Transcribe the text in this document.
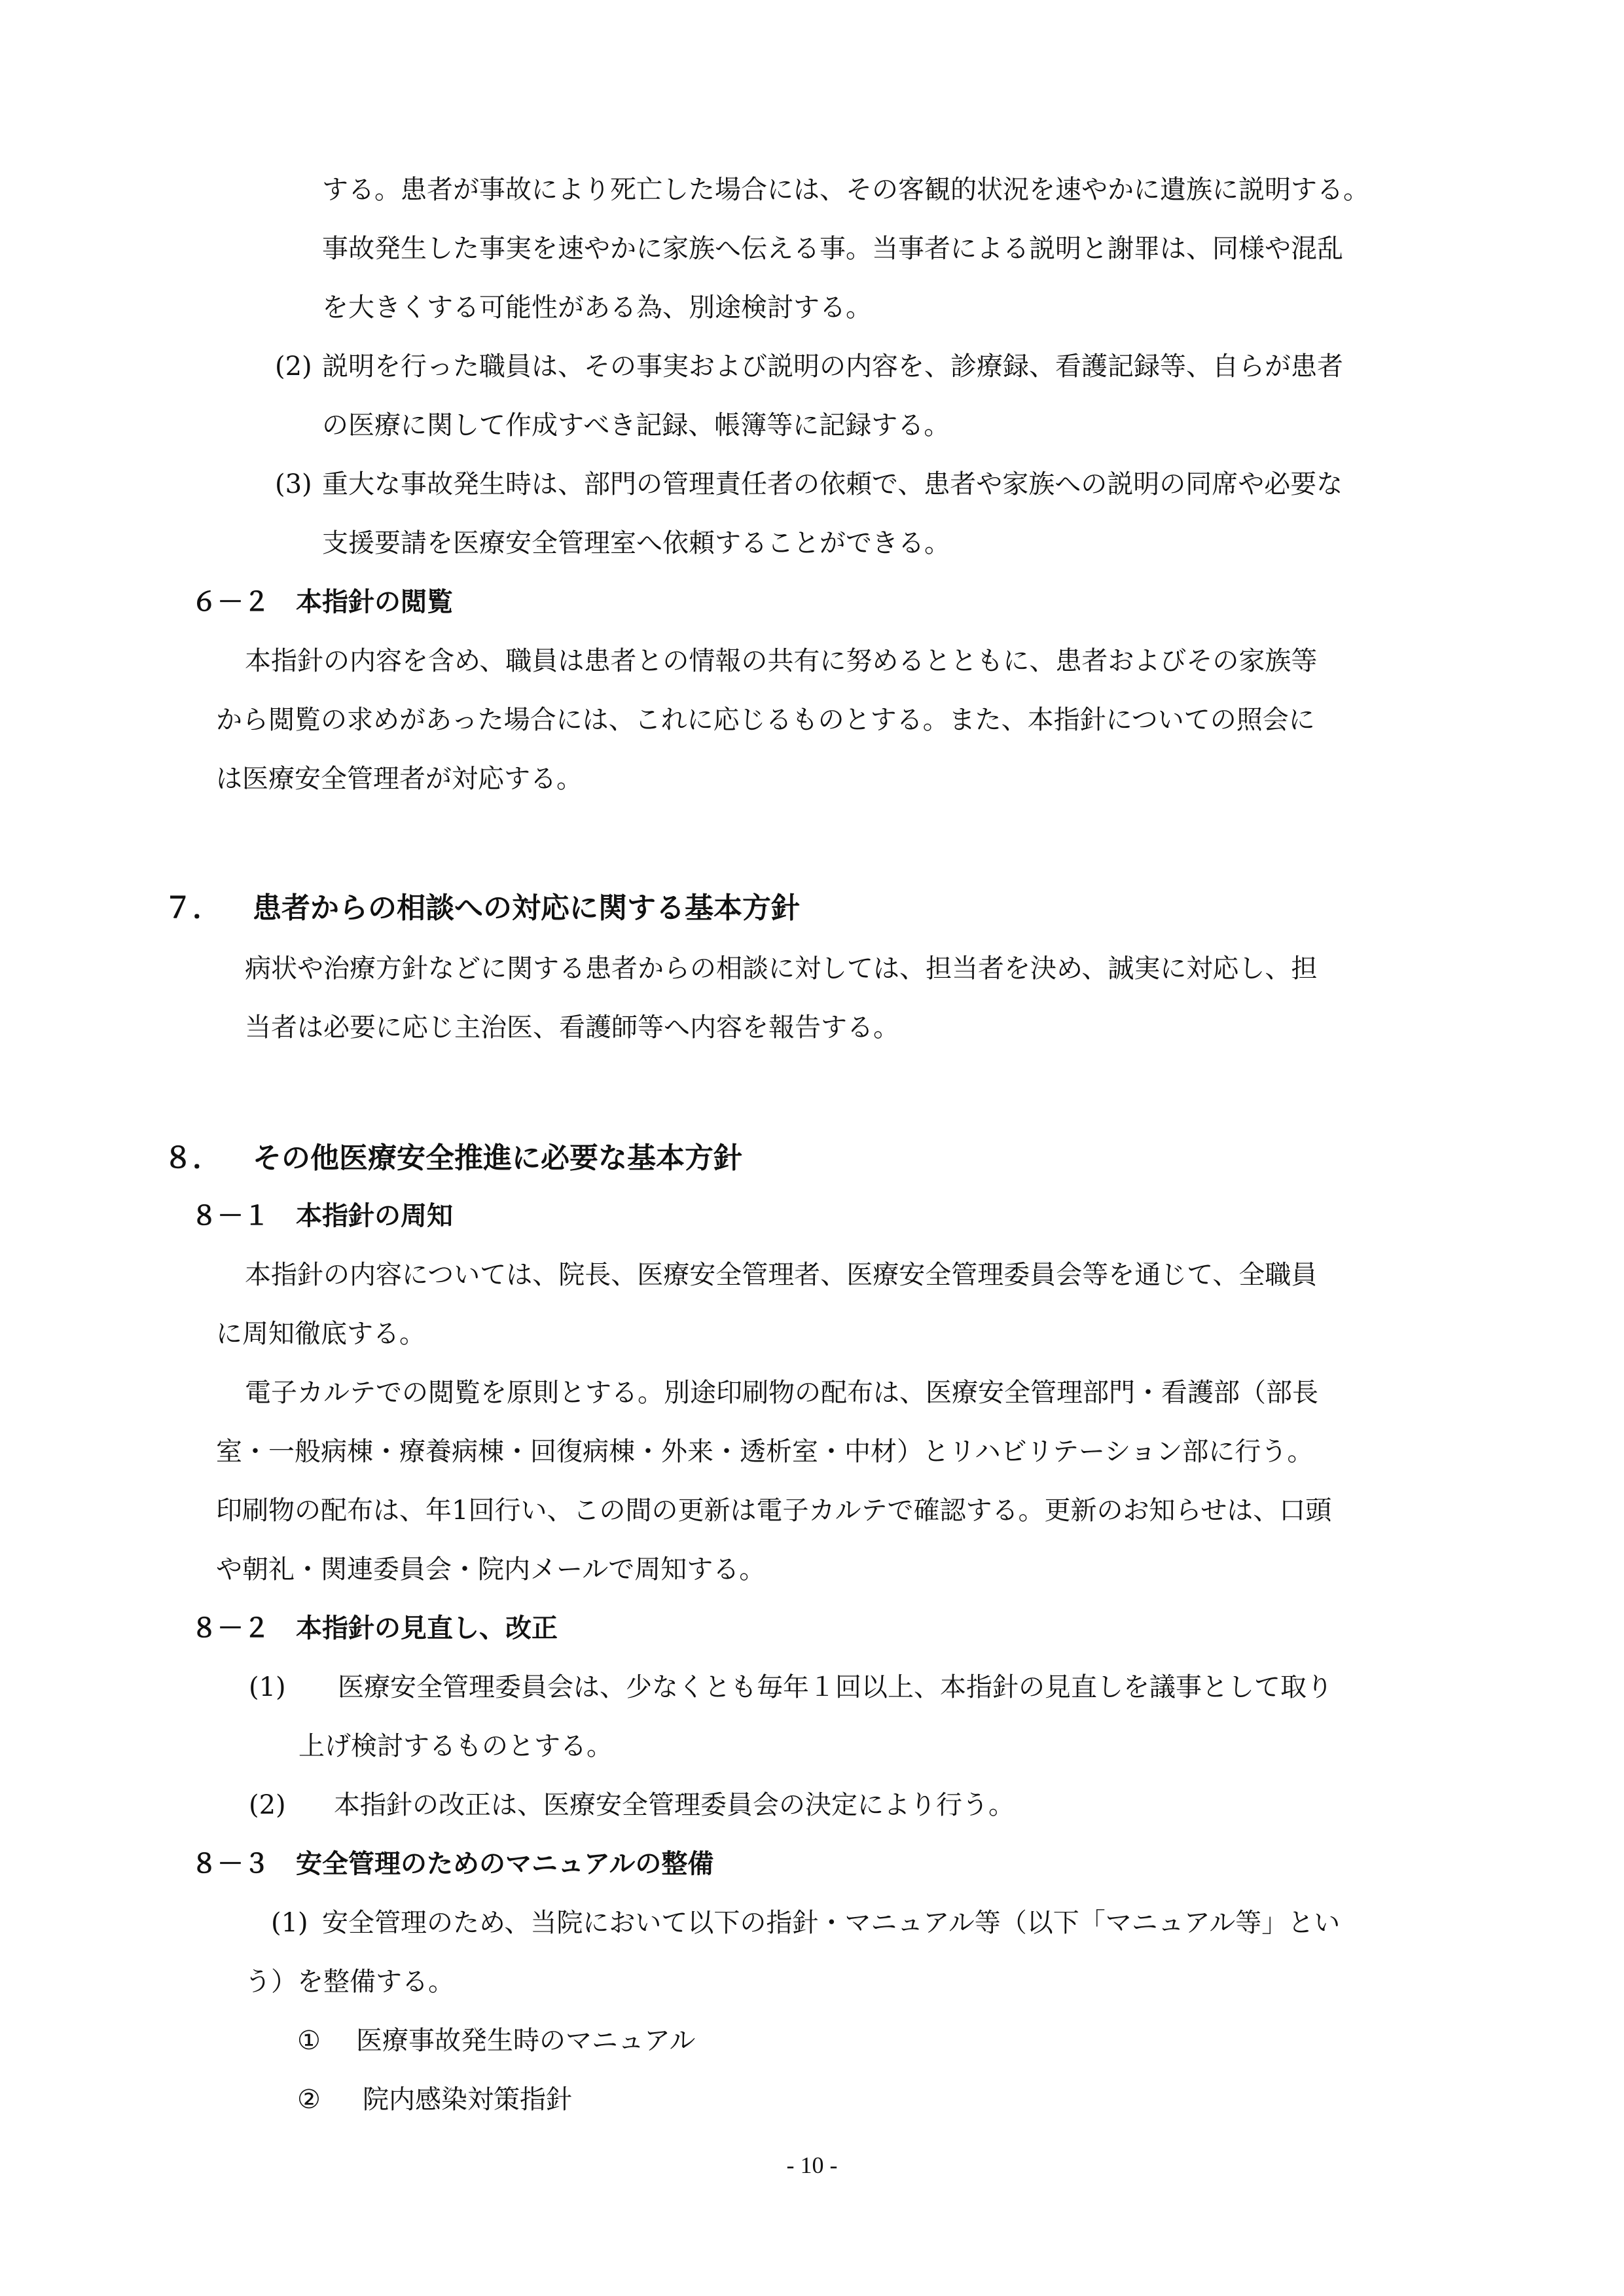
する。患者が事故により死亡した場合には、その客観的状況を速やかに遺族に説明する。
事故発生した事実を速やかに家族へ伝える事。当事者による説明と謝罪は、同様や混乱
を大きくする可能性がある為、別途検討する。
(2) 説明を行った職員は、その事実および説明の内容を、診療録、看護記録等、自らが患者
の医療に関して作成すべき記録、帳簿等に記録する。
(3) 重大な事故発生時は、部門の管理責任者の依頼で、患者や家族への説明の同席や必要な
支援要請を医療安全管理室へ依頼することができる。
６－２　本指針の閲覧
本指針の内容を含め、職員は患者との情報の共有に努めるとともに、患者およびその家族等
から閲覧の求めがあった場合には、これに応じるものとする。また、本指針についての照会に
は医療安全管理者が対応する。
７． 患者からの相談への対応に関する基本方針
病状や治療方針などに関する患者からの相談に対しては、担当者を決め、誠実に対応し、担
当者は必要に応じ主治医、看護師等へ内容を報告する。
８． その他医療安全推進に必要な基本方針
８－１　本指針の周知
本指針の内容については、院長、医療安全管理者、医療安全管理委員会等を通じて、全職員
に周知徹底する。
電子カルテでの閲覧を原則とする。別途印刷物の配布は、医療安全管理部門・看護部（部長
室・一般病棟・療養病棟・回復病棟・外来・透析室・中材）とリハビリテーション部に行う。
印刷物の配布は、年1回行い、この間の更新は電子カルテで確認する。更新のお知らせは、口頭
や朝礼・関連委員会・院内メールで周知する。
８－２　本指針の見直し、改正
(1) 医療安全管理委員会は、少なくとも毎年１回以上、本指針の見直しを議事として取り
上げ検討するものとする。
(2) 本指針の改正は、医療安全管理委員会の決定により行う。
８－３　安全管理のためのマニュアルの整備
(1) 安全管理のため、当院において以下の指針・マニュアル等（以下「マニュアル等」とい
う）を整備する。
① 医療事故発生時のマニュアル
② 院内感染対策指針
- 10 -
